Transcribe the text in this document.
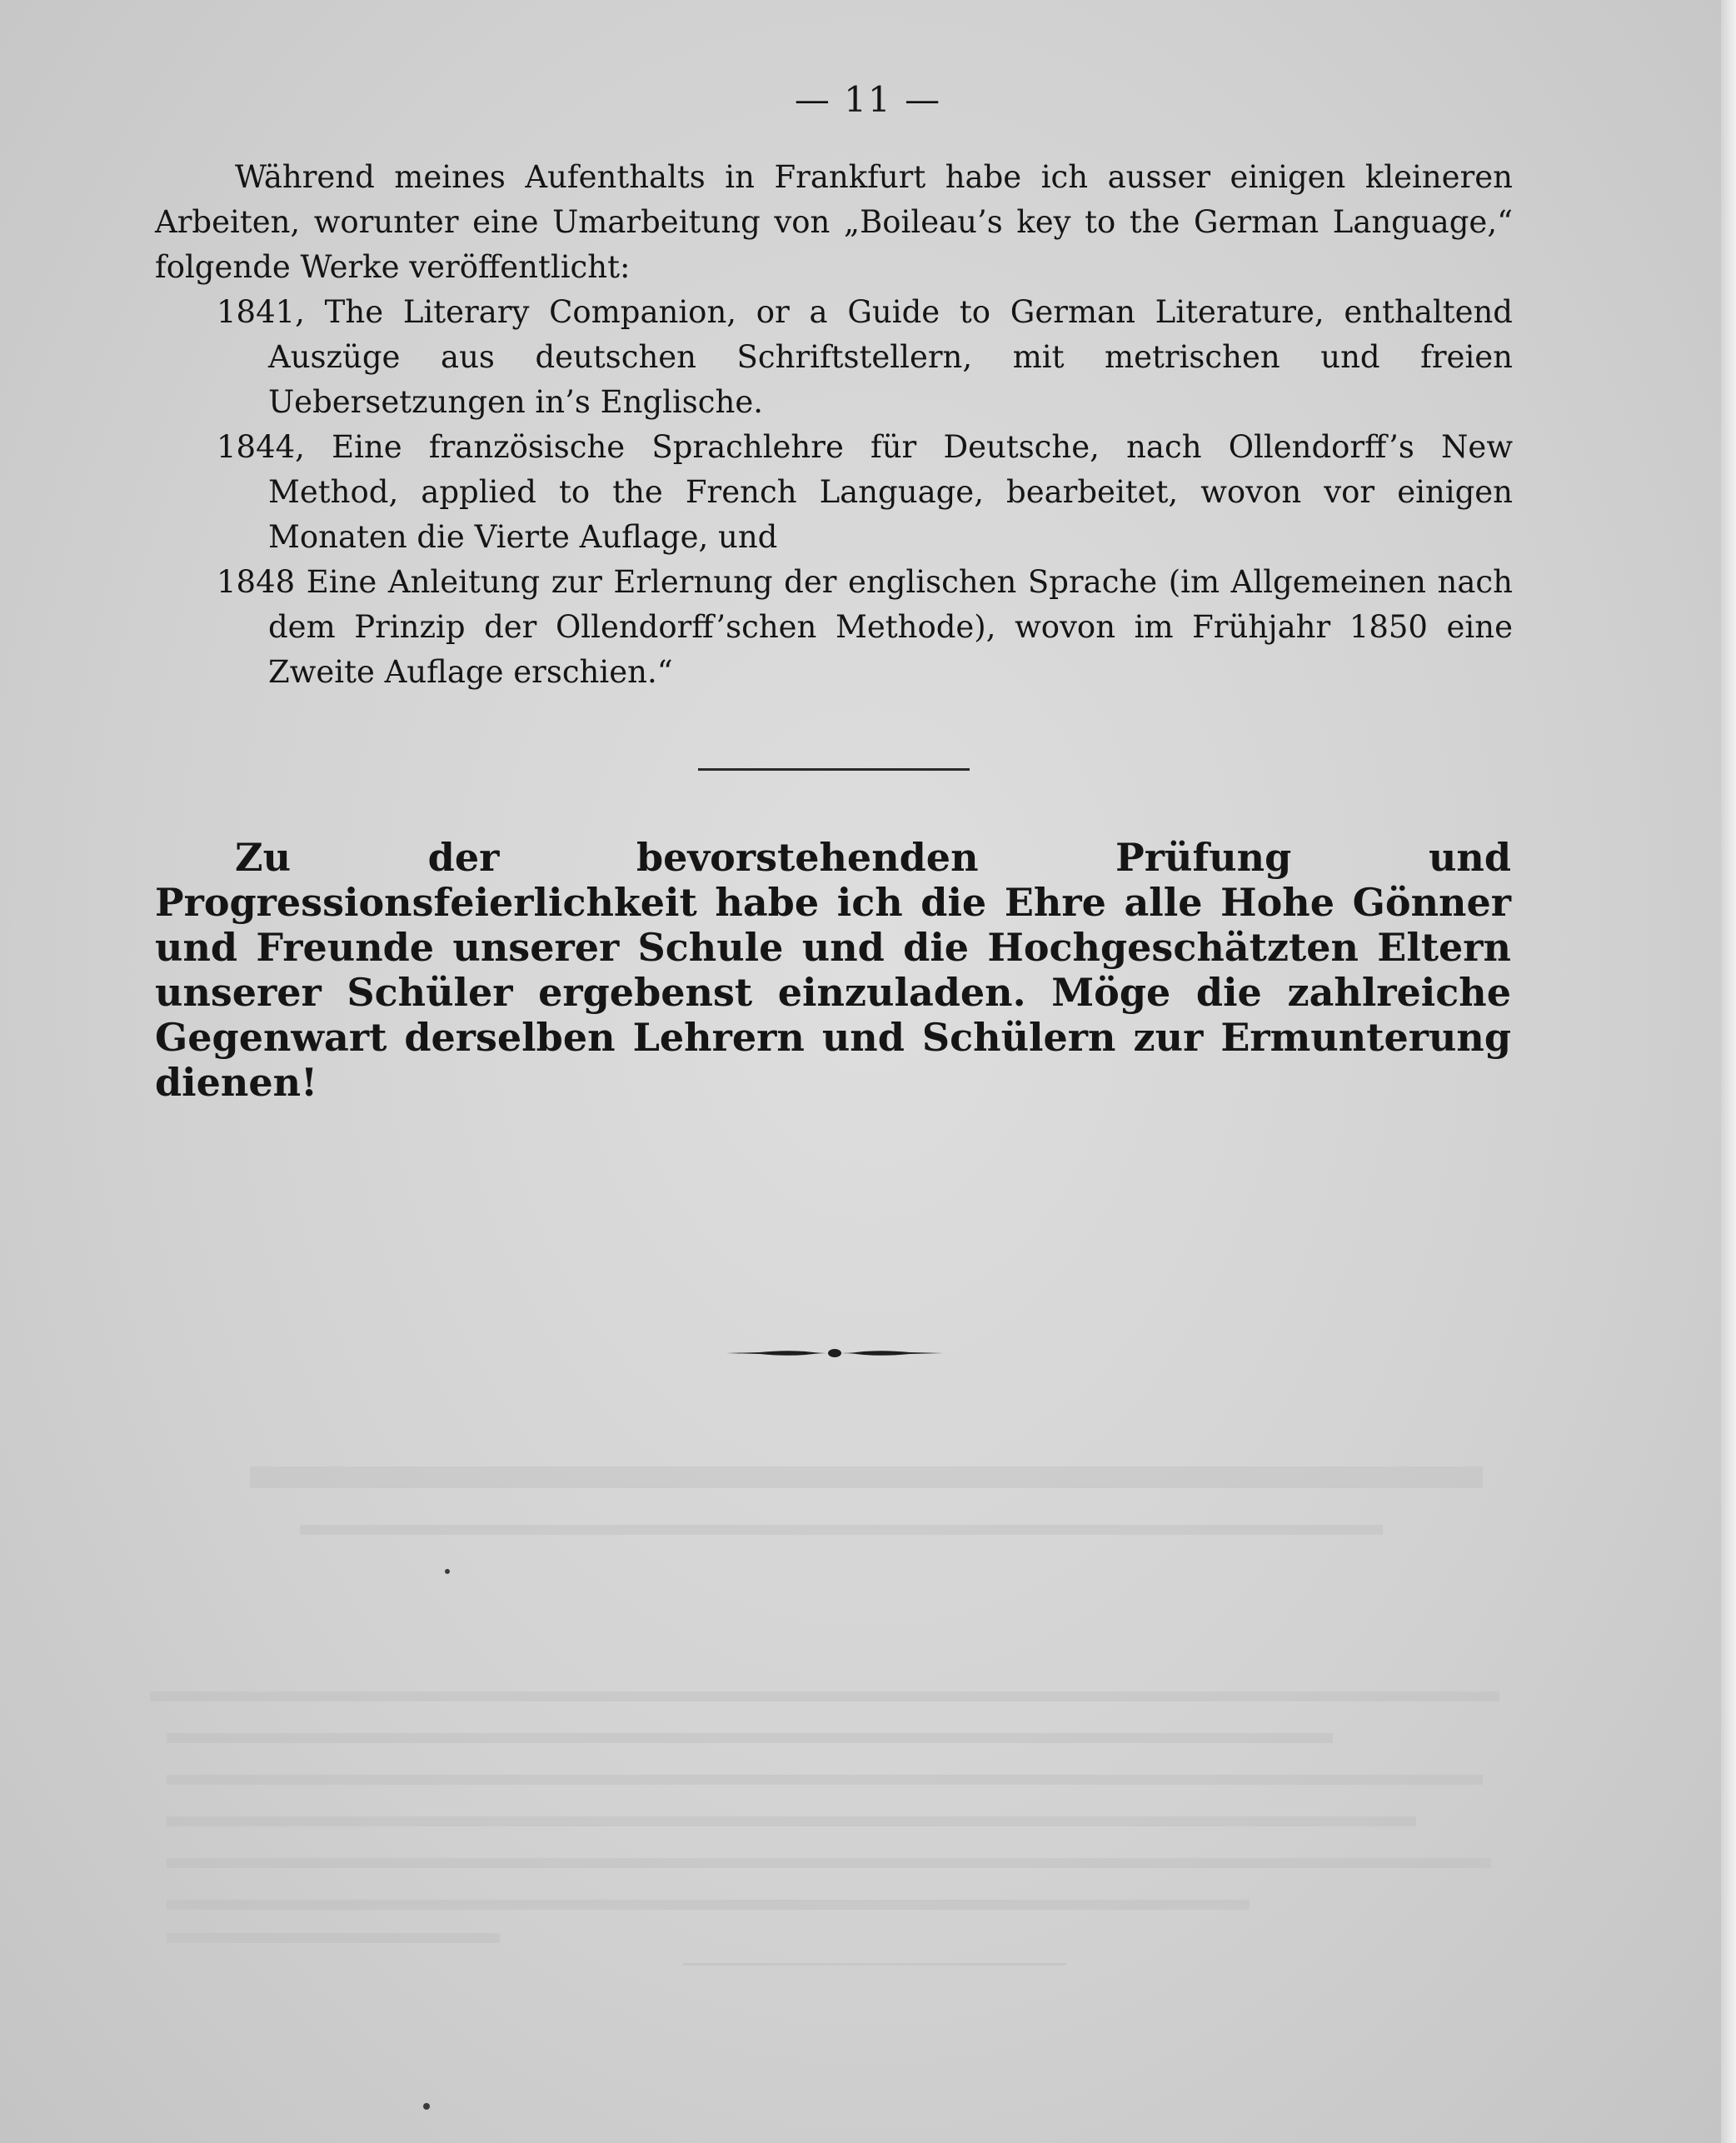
— 11 —

Während meines Aufenthalts in Frankfurt habe ich ausser einigen kleineren Arbeiten, worunter eine Umarbeitung von „Boileau’s key to the German Language,“ folgende Werke veröffentlicht:

1841, The Literary Companion, or a Guide to German Literature, enthaltend Auszüge aus deutschen Schriftstellern, mit metrischen und freien Uebersetzungen in’s Englische.
1844, Eine französische Sprachlehre für Deutsche, nach Ollendorff’s New Method, applied to the French Language, bearbeitet, wovon vor einigen Monaten die Vierte Auflage, und
1848 Eine Anleitung zur Erlernung der englischen Sprache (im Allgemeinen nach dem Prinzip der Ollendorff’schen Methode), wovon im Frühjahr 1850 eine Zweite Auflage erschien.“

Zu der bevorstehenden Prüfung und Progressionsfeierlichkeit habe ich die Ehre alle Hohe Gönner und Freunde unserer Schule und die Hochgeschätzten Eltern unserer Schüler ergebenst einzuladen. Möge die zahlreiche Gegenwart derselben Lehrern und Schülern zur Ermunterung dienen!
